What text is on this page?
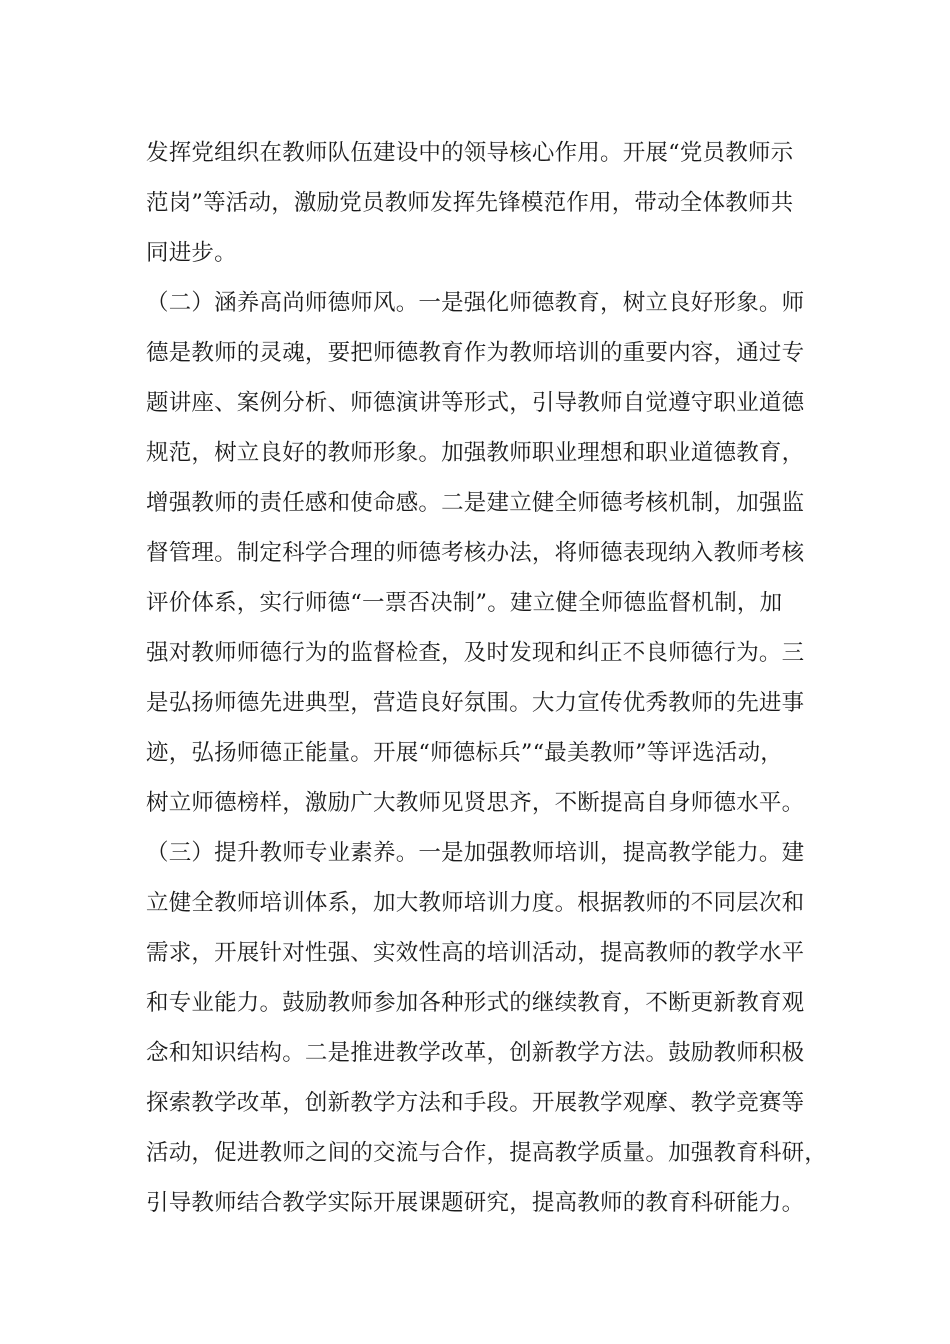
发挥党组织在教师队伍建设中的领导核心作用。开展“党员教师示
范岗”等活动，激励党员教师发挥先锋模范作用，带动全体教师共
同进步。
（二）涵养高尚师德师风。一是强化师德教育，树立良好形象。师
德是教师的灵魂，要把师德教育作为教师培训的重要内容，通过专
题讲座、案例分析、师德演讲等形式，引导教师自觉遵守职业道德
规范，树立良好的教师形象。加强教师职业理想和职业道德教育，
增强教师的责任感和使命感。二是建立健全师德考核机制，加强监
督管理。制定科学合理的师德考核办法，将师德表现纳入教师考核
评价体系，实行师德“一票否决制”。建立健全师德监督机制，加
强对教师师德行为的监督检查，及时发现和纠正不良师德行为。三
是弘扬师德先进典型，营造良好氛围。大力宣传优秀教师的先进事
迹，弘扬师德正能量。开展“师德标兵”“最美教师”等评选活动，
树立师德榜样，激励广大教师见贤思齐，不断提高自身师德水平。
（三）提升教师专业素养。一是加强教师培训，提高教学能力。建
立健全教师培训体系，加大教师培训力度。根据教师的不同层次和
需求，开展针对性强、实效性高的培训活动，提高教师的教学水平
和专业能力。鼓励教师参加各种形式的继续教育，不断更新教育观
念和知识结构。二是推进教学改革，创新教学方法。鼓励教师积极
探索教学改革，创新教学方法和手段。开展教学观摩、教学竞赛等
活动，促进教师之间的交流与合作，提高教学质量。加强教育科研，
引导教师结合教学实际开展课题研究，提高教师的教育科研能力。
